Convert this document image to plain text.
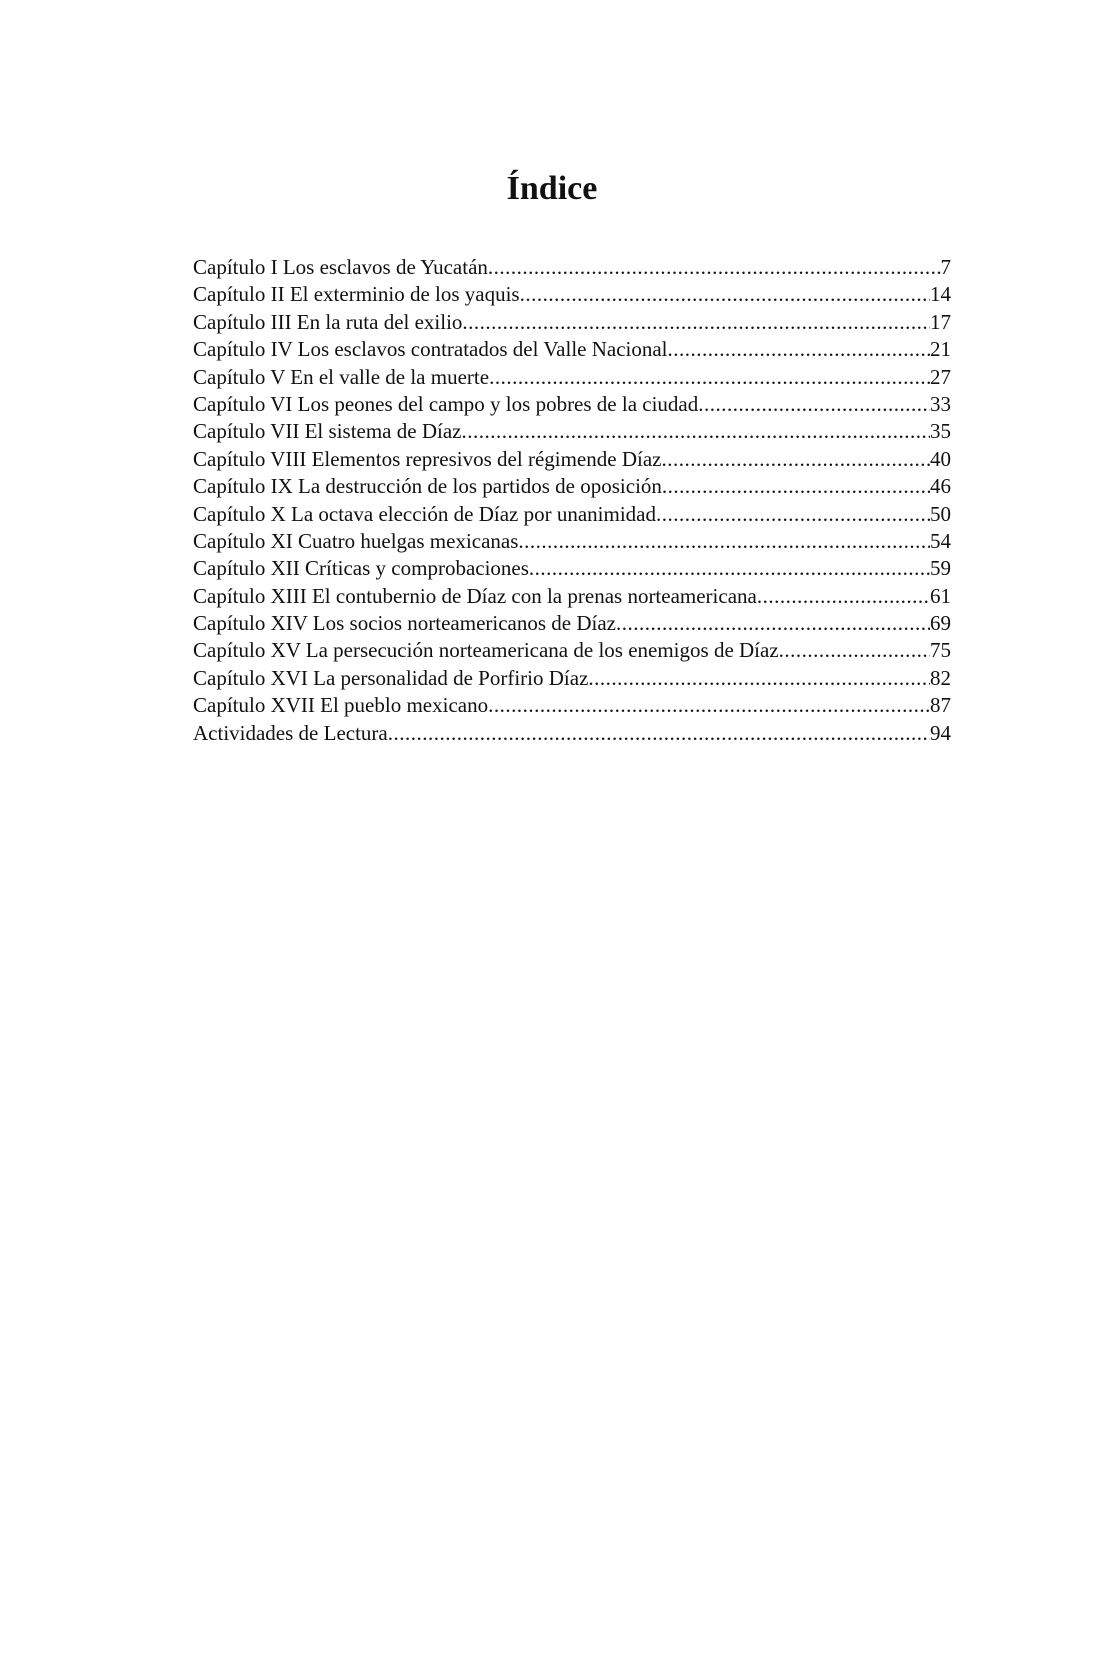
Índice
Capítulo I Los esclavos de Yucatán .....	7
Capítulo II El exterminio de los yaquis .....	14
Capítulo III En la ruta del exilio .....	17
Capítulo IV Los esclavos contratados del Valle Nacional .....	21
Capítulo V En el valle de la muerte .....	27
Capítulo VI Los peones del campo y los pobres de la ciudad .....	33
Capítulo VII El sistema de Díaz .....	35
Capítulo VIII Elementos represivos del régimende Díaz .....	40
Capítulo IX La destrucción de los partidos de oposición .....	46
Capítulo X La octava elección de Díaz por unanimidad .....	50
Capítulo XI Cuatro huelgas mexicanas .....	54
Capítulo XII Críticas y comprobaciones .....	59
Capítulo XIII El contubernio de Díaz con la prenas norteamericana .....	61
Capítulo XIV Los socios norteamericanos de Díaz .....	69
Capítulo XV La persecución norteamericana de los enemigos de Díaz .....	75
Capítulo XVI La personalidad de Porfirio Díaz .....	82
Capítulo XVII El pueblo mexicano .....	87
Actividades de Lectura .....	94
